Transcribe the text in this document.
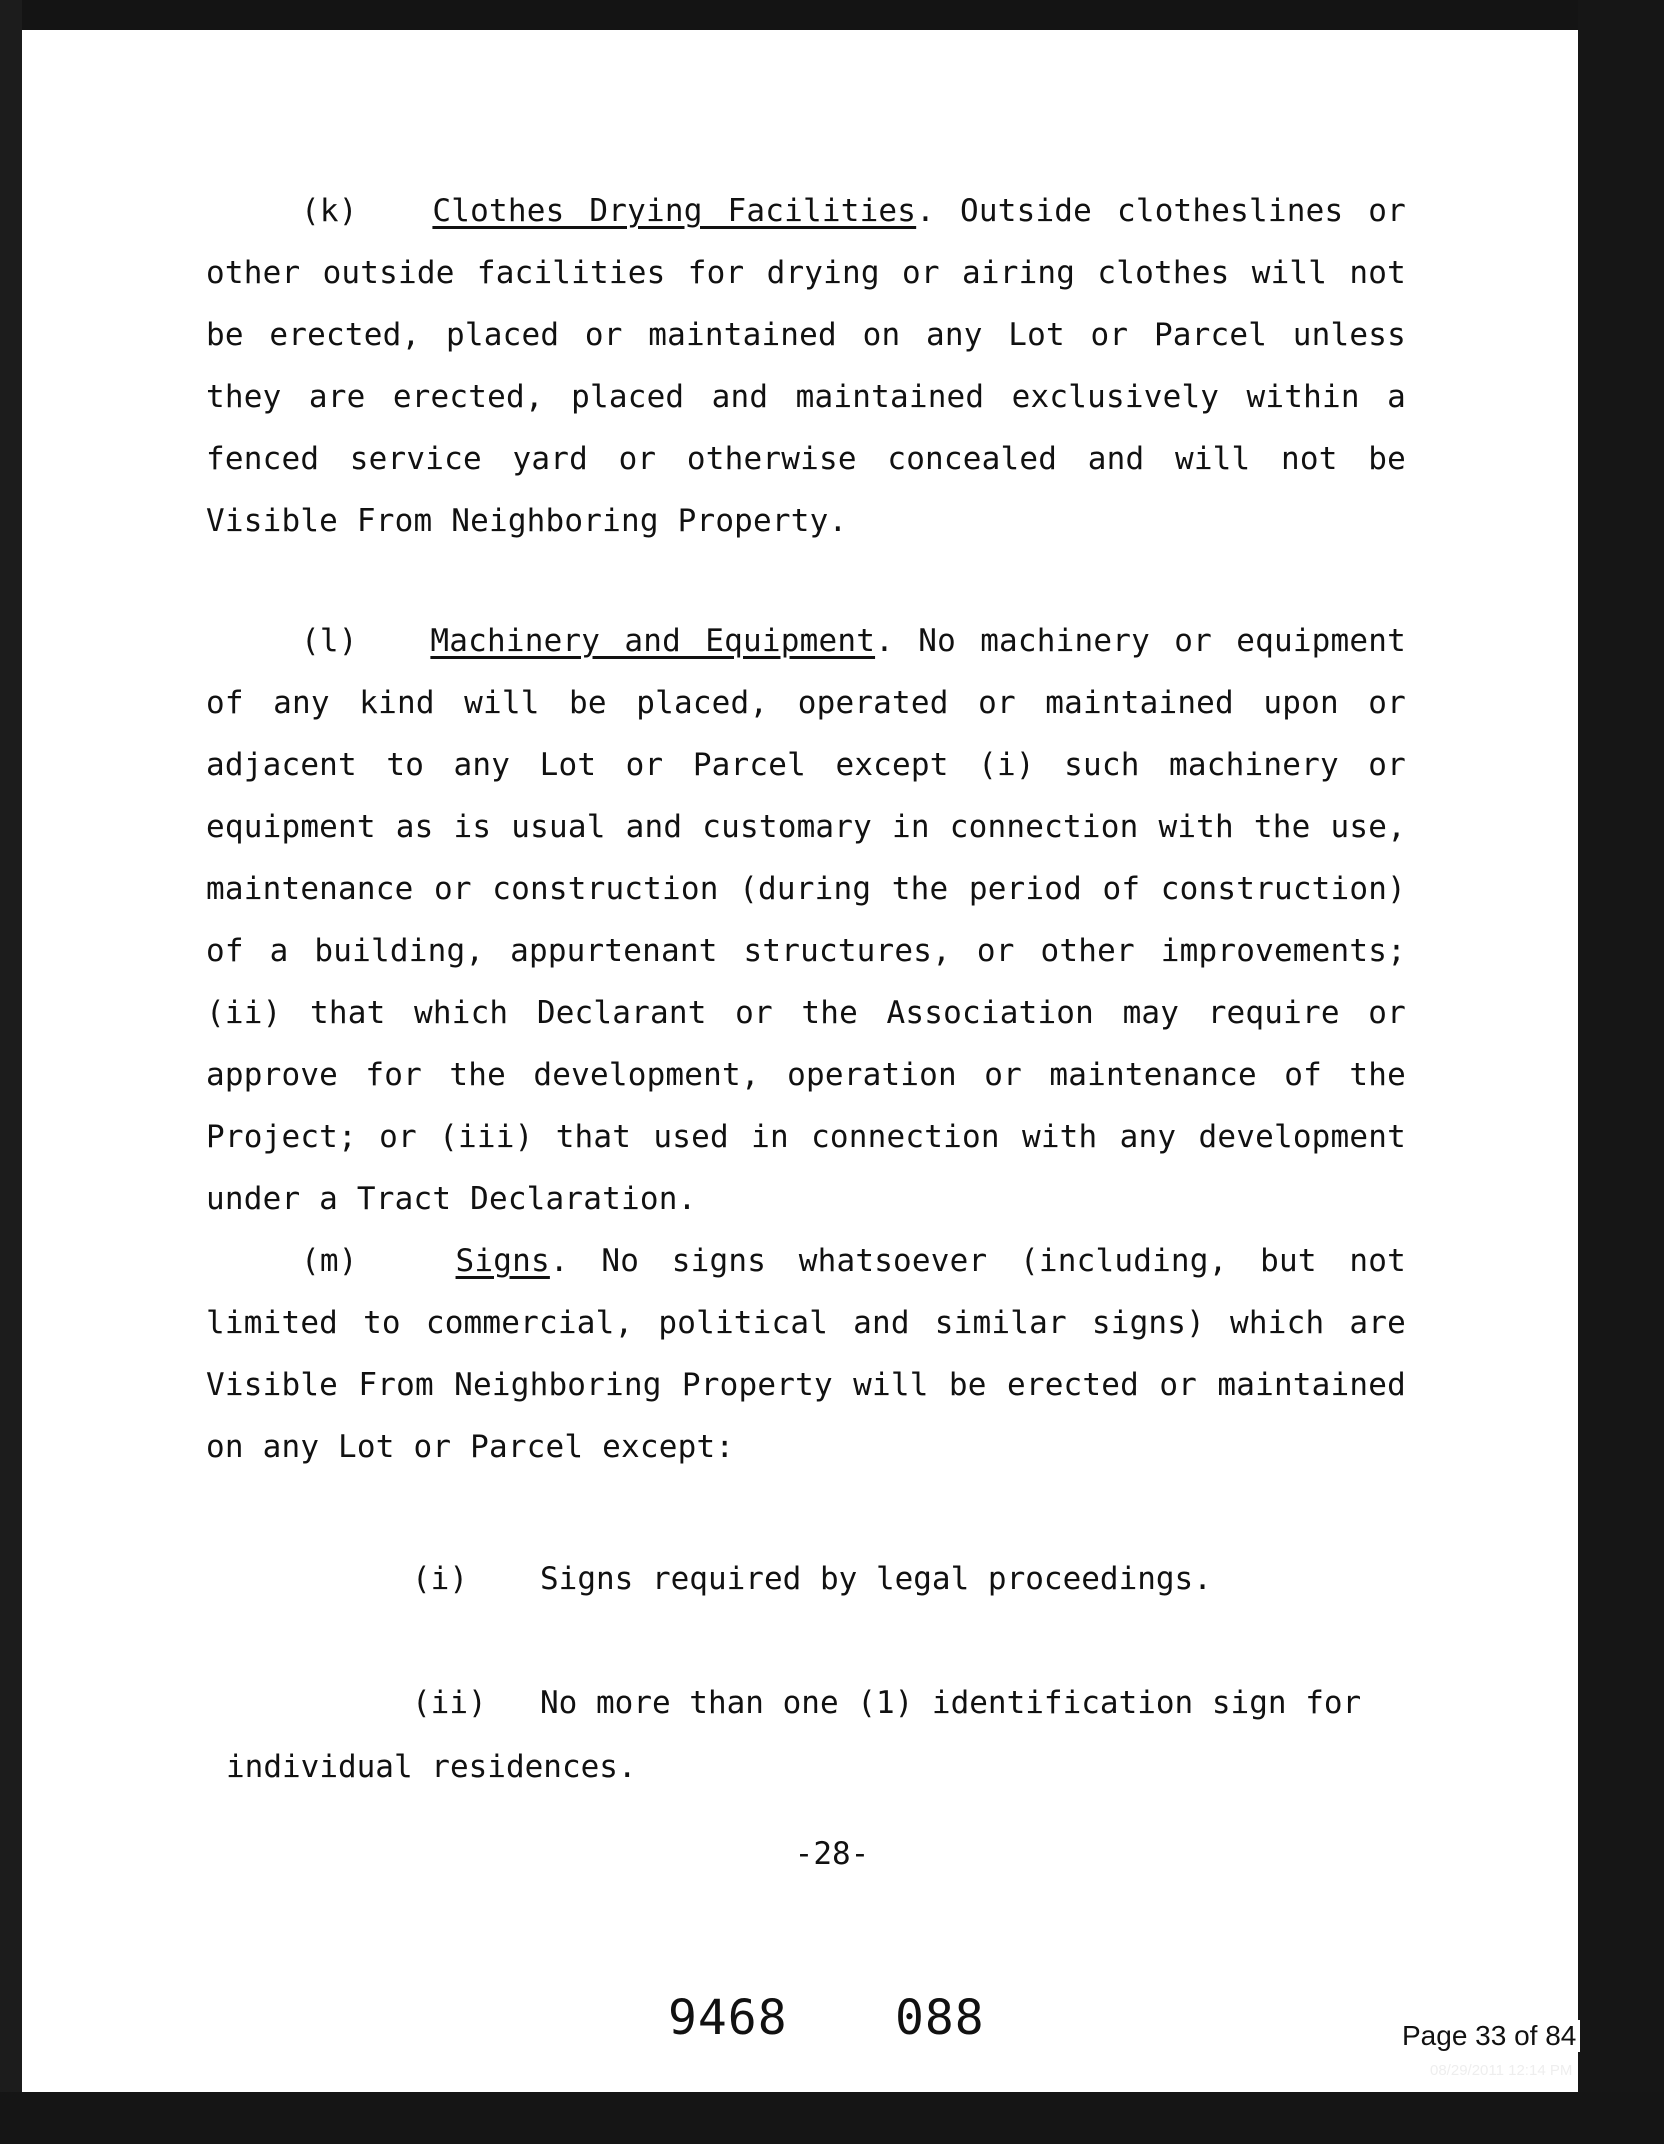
(k) Clothes Drying Facilities. Outside clotheslines or other outside facilities for drying or airing clothes will not be erected, placed or maintained on any Lot or Parcel unless they are erected, placed and maintained exclusively within a fenced service yard or otherwise concealed and will not be Visible From Neighboring Property.

(l) Machinery and Equipment. No machinery or equipment of any kind will be placed, operated or maintained upon or adjacent to any Lot or Parcel except (i) such machinery or equipment as is usual and customary in connection with the use, maintenance or construction (during the period of construction) of a building, appurtenant structures, or other improvements; (ii) that which Declarant or the Association may require or approve for the development, operation or maintenance of the Project; or (iii) that used in connection with any development under a Tract Declaration.

(m)	Signs. No signs whatsoever (including, but not limited to commercial, political and similar signs) which are Visible From Neighboring Property will be erected or maintained on any Lot or Parcel except:

(i) Signs required by legal proceedings.

(ii) No more than one (1) identification sign for

individual residences.

-28-
9468 088	Page 33 of 84
08/29/2011 12:14 PM
